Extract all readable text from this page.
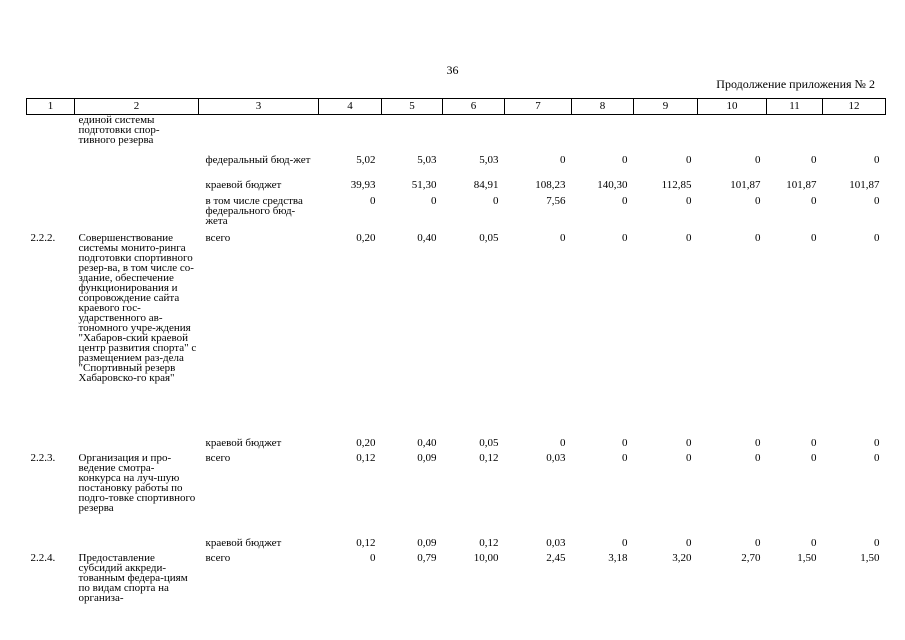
36
Продолжение приложения № 2
1	2	3	4	5	6	7	8	9	10	11	12
	единой системы подготовки спор-тивного резерва										
		федеральный бюд-жет	5,02	5,03	5,03	0	0	0	0	0	0
		краевой бюджет	39,93	51,30	84,91	108,23	140,30	112,85	101,87	101,87	101,87
		в том числе средства федерального бюд-жета	0	0	0	7,56	0	0	0	0	0
2.2.2.	Совершенствование системы монито-ринга подготовки спортивного резер-ва, в том числе со-здание, обеспечение функционирования и сопровождение сайта краевого гос-ударственного ав-тономного учре-ждения "Хабаров-ский краевой центр развития спорта" с размещением раз-дела "Спортивный резерв Хабаровско-го края"	всего	0,20	0,40	0,05	0	0	0	0	0	0
		краевой бюджет	0,20	0,40	0,05	0	0	0	0	0	0
2.2.3.	Организация и про-ведение смотра-конкурса на луч-шую постановку работы по подго-товке спортивного резерва	всего	0,12	0,09	0,12	0,03	0	0	0	0	0
		краевой бюджет	0,12	0,09	0,12	0,03	0	0	0	0	0
2.2.4.	Предоставление субсидий аккреди-тованным федера-циям по видам спорта на организа-	всего	0	0,79	10,00	2,45	3,18	3,20	2,70	1,50	1,50
